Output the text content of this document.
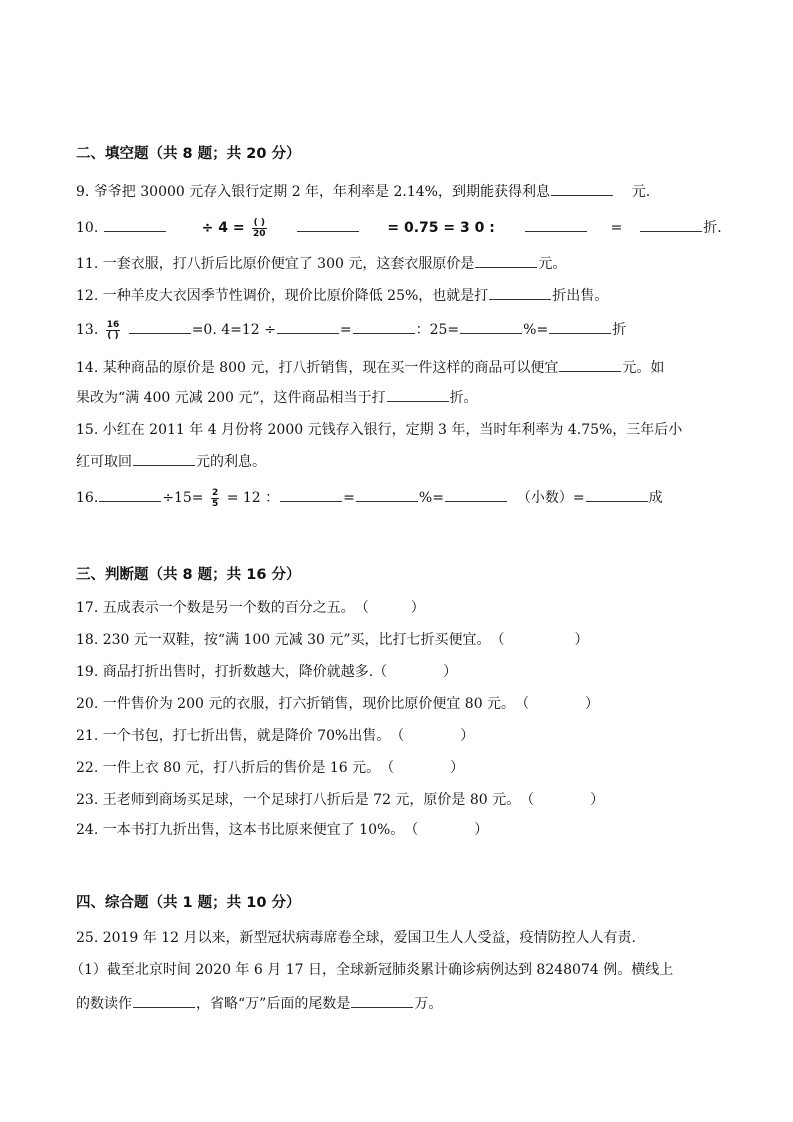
二、填空题（共 8 题；共 20 分）
9. 爷爷把 30000 元存入银行定期 2 年，年利率是 2.14%，到期能获得利息	元.
10.	÷ $4 = \frac{( )}{20}$	= 0.75 = 3 0 :	=	折.
11. 一套衣服，打八折后比原价便宜了 300 元，这套衣服原价是	元。
12. 一种羊皮大衣因季节性调价，现价比原价降低 25%，也就是打	折出售。
13. $\frac{16}{( )}$	=0. 4=12 ÷	=	：25=	%=	折
14. 某种商品的原价是 800 元，打八折销售，现在买一件这样的商品可以便宜	元。如
果改为“满 400 元减 200 元”，这件商品相当于打	折。
15. 小红在 2011 年 4 月份将 2000 元钱存入银行，定期 3 年，当时年利率为 4.75%，三年后小
红可取回	元的利息。
16.	$\div 15= \frac{2}{5} = 12$ ：	=	%=	（小数）=	成
三、判断题（共 8 题；共 16 分）
17. 五成表示一个数是另一个数的百分之五。（　　　）
18. 230 元一双鞋，按“满 100 元减 30 元”买，比打七折买便宜。（　　　　　）
19. 商品打折出售时，打折数越大，降价就越多.（　　　　）
20. 一件售价为 200 元的衣服，打六折销售，现价比原价便宜 80 元。（　　　　）
21. 一个书包，打七折出售，就是降价 70%出售。（　　　　）
22. 一件上衣 80 元，打八折后的售价是 16 元。（　　　　）
23. 王老师到商场买足球，一个足球打八折后是 72 元，原价是 80 元。（　　　　）
24. 一本书打九折出售，这本书比原来便宜了 10%。（　　　　）
四、综合题（共 1 题；共 10 分）
25. 2019 年 12 月以来，新型冠状病毒席卷全球，爱国卫生人人受益，疫情防控人人有责.
（1）截至北京时间 2020 年 6 月 17 日，全球新冠肺炎累计确诊病例达到 8248074 例。横线上
的数读作	，省略“万”后面的尾数是	万。
